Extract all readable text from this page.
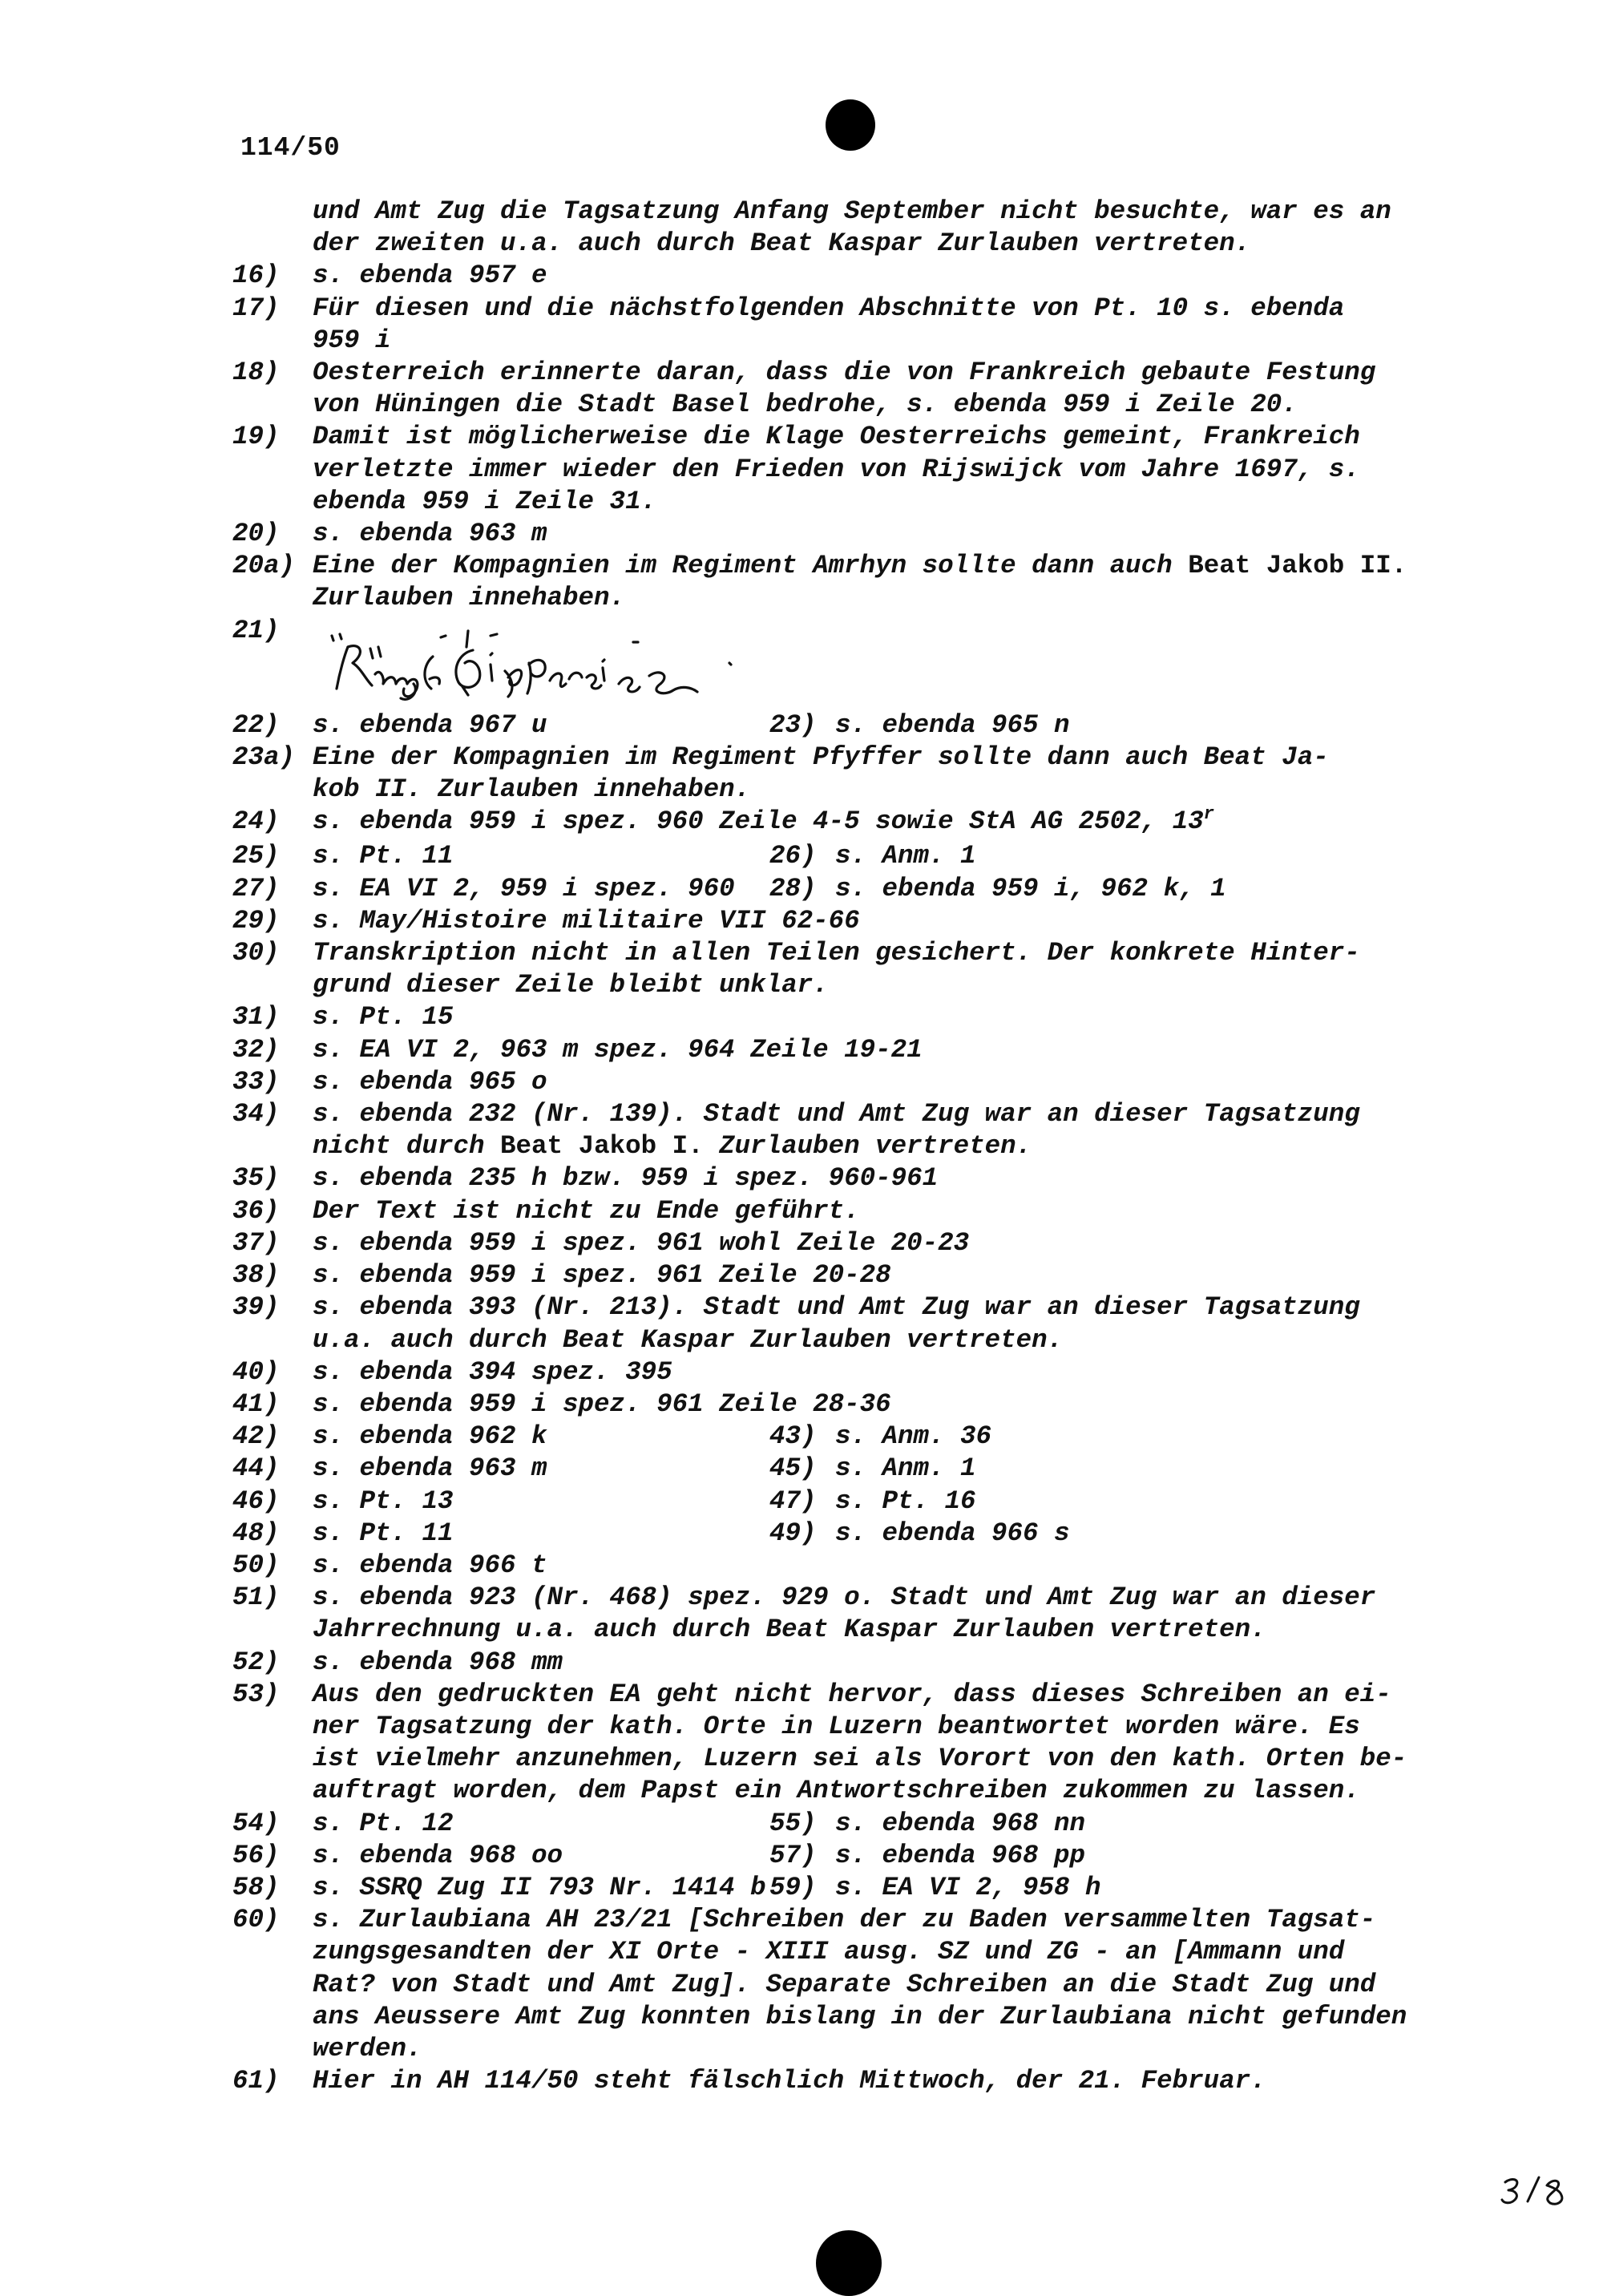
114/50
und Amt Zug die Tagsatzung Anfang September nicht besuchte, war es an
der zweiten u.a. auch durch Beat Kaspar Zurlauben vertreten.
16)	s. ebenda 957 e
17)	Für diesen und die nächstfolgenden Abschnitte von Pt. 10 s. ebenda
959 i
18)	Oesterreich erinnerte daran, dass die von Frankreich gebaute Festung
von Hüningen die Stadt Basel bedrohe, s. ebenda 959 i Zeile 20.
19)	Damit ist möglicherweise die Klage Oesterreichs gemeint, Frankreich
verletzte immer wieder den Frieden von Rijswijck vom Jahre 1697, s.
ebenda 959 i Zeile 31.
20)	s. ebenda 963 m
20a) Eine der Kompagnien im Regiment Amrhyn sollte dann auch Beat Jakob II.
Zurlauben innehaben.
21)
22)	s. ebenda 967 u	23) s. ebenda 965 n
23a) Eine der Kompagnien im Regiment Pfyffer sollte dann auch Beat Ja-
kob II. Zurlauben innehaben.
24)	s. ebenda 959 i spez. 960 Zeile 4-5 sowie StA AG 2502, 13$^r$
25)	s. Pt. 11	26) s. Anm. 1
27)	s. EA VI 2, 959 i spez. 960	28) s. ebenda 959 i, 962 k, 1
29)	s. May/Histoire militaire VII 62-66
30)	Transkription nicht in allen Teilen gesichert. Der konkrete Hinter-
grund dieser Zeile bleibt unklar.
31)	s. Pt. 15
32)	s. EA VI 2, 963 m spez. 964 Zeile 19-21
33)	s. ebenda 965 o
34)	s. ebenda 232 (Nr. 139). Stadt und Amt Zug war an dieser Tagsatzung
nicht durch Beat Jakob I. Zurlauben vertreten.
35)	s. ebenda 235 h bzw. 959 i spez. 960-961
36)	Der Text ist nicht zu Ende geführt.
37)	s. ebenda 959 i spez. 961 wohl Zeile 20-23
38)	s. ebenda 959 i spez. 961 Zeile 20-28
39)	s. ebenda 393 (Nr. 213). Stadt und Amt Zug war an dieser Tagsatzung
u.a. auch durch Beat Kaspar Zurlauben vertreten.
40)	s. ebenda 394 spez. 395
41)	s. ebenda 959 i spez. 961 Zeile 28-36
42)	s. ebenda 962 k	43) s. Anm. 36
44)	s. ebenda 963 m	45) s. Anm. 1
46)	s. Pt. 13	47) s. Pt. 16
48)	s. Pt. 11	49) s. ebenda 966 s
50)	s. ebenda 966 t
51)	s. ebenda 923 (Nr. 468) spez. 929 o. Stadt und Amt Zug war an dieser
Jahrrechnung u.a. auch durch Beat Kaspar Zurlauben vertreten.
52)	s. ebenda 968 mm
53)	Aus den gedruckten EA geht nicht hervor, dass dieses Schreiben an ei-
ner Tagsatzung der kath. Orte in Luzern beantwortet worden wäre. Es
ist vielmehr anzunehmen, Luzern sei als Vorort von den kath. Orten be-
auftragt worden, dem Papst ein Antwortschreiben zukommen zu lassen.
54)	s. Pt. 12	55) s. ebenda 968 nn
56)	s. ebenda 968 oo	57) s. ebenda 968 pp
58)	s. SSRQ Zug II 793 Nr. 1414 b 59) s. EA VI 2, 958 h
60)	s. Zurlaubiana AH 23/21 [Schreiben der zu Baden versammelten Tagsat-
zungsgesandten der XI Orte - XIII ausg. SZ und ZG - an [Ammann und
Rat? von Stadt und Amt Zug]. Separate Schreiben an die Stadt Zug und
ans Aeussere Amt Zug konnten bislang in der Zurlaubiana nicht gefunden
werden.
61)	Hier in AH 114/50 steht fälschlich Mittwoch, der 21. Februar.
